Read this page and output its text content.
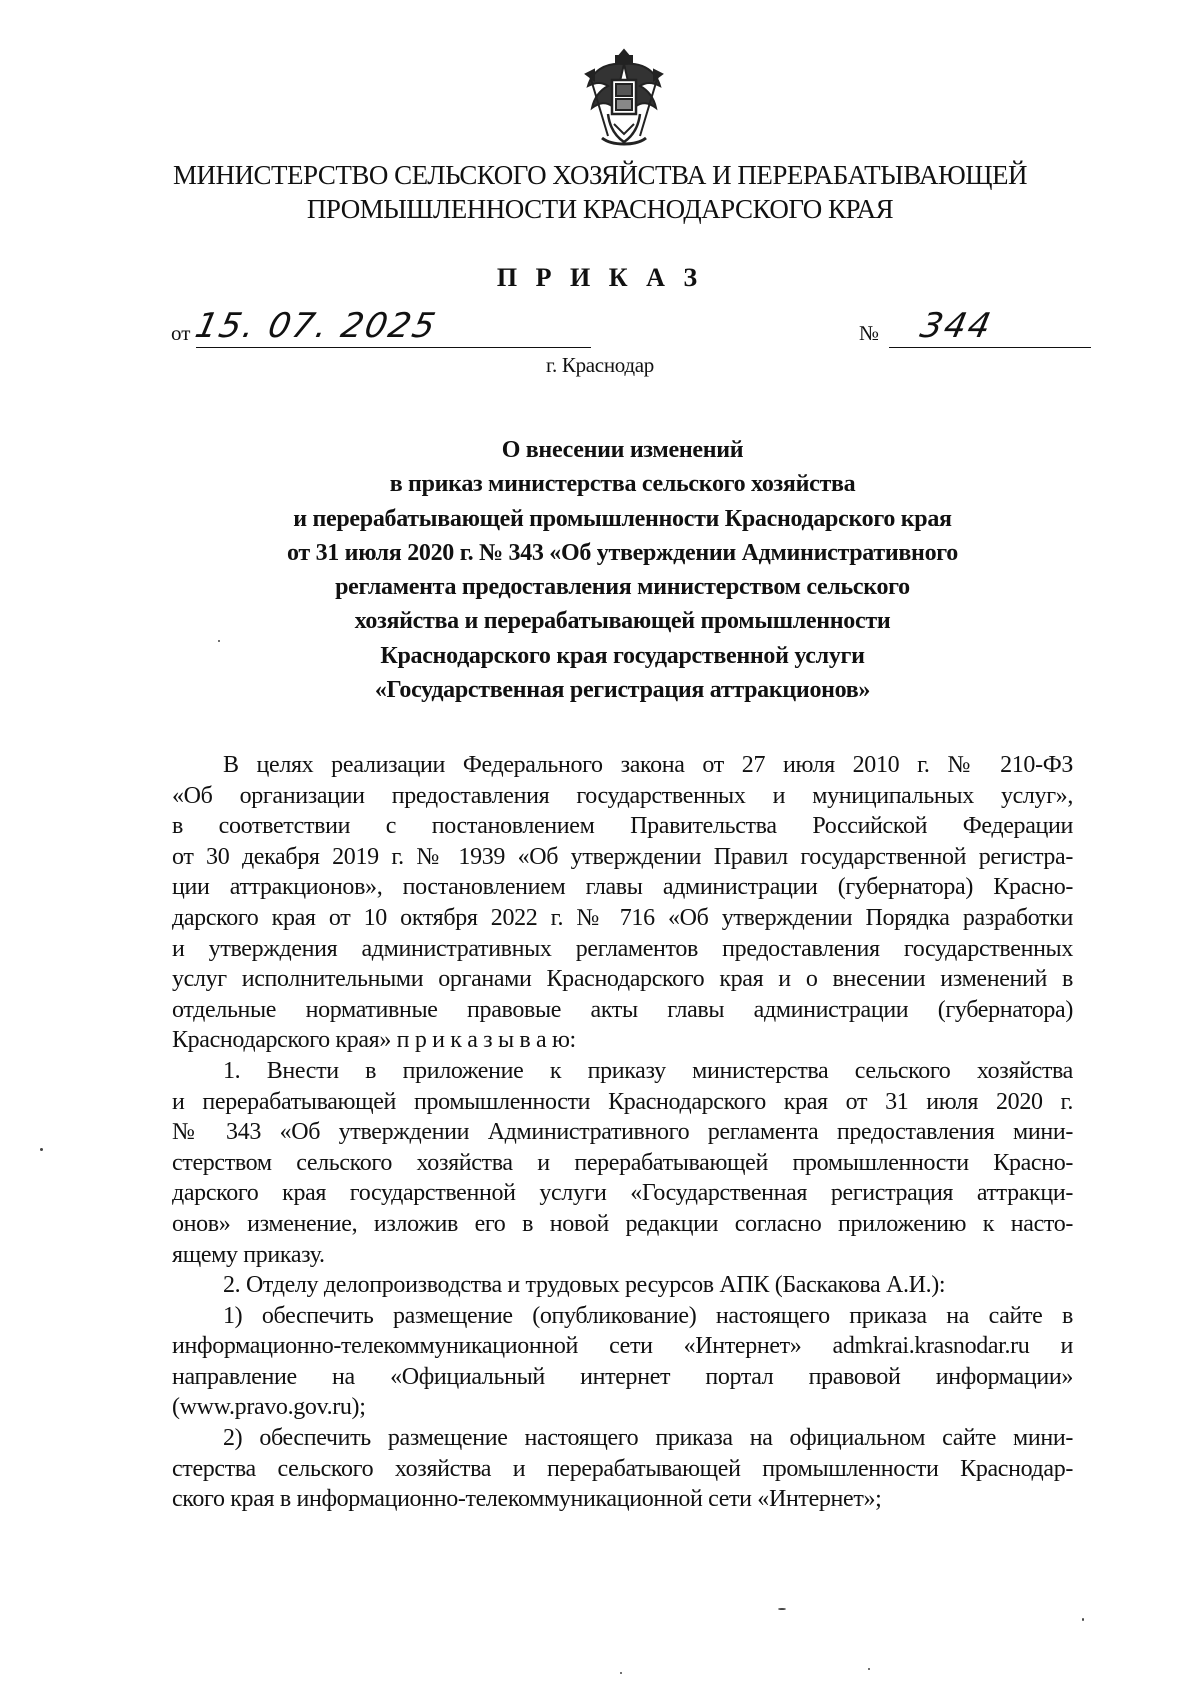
МИНИСТЕРСТВО СЕЛЬСКОГО ХОЗЯЙСТВА И ПЕРЕРАБАТЫВАЮЩЕЙ
ПРОМЫШЛЕННОСТИ КРАСНОДАРСКОГО КРАЯ
П Р И К А З
от 15. 07. 2025	№ 344
г. Краснодар
О внесении изменений
в приказ министерства сельского хозяйства
и перерабатывающей промышленности Краснодарского края
от 31 июля 2020 г. № 343 «Об утверждении Административного
регламента предоставления министерством сельского
хозяйства и перерабатывающей промышленности
Краснодарского края государственной услуги
«Государственная регистрация аттракционов»
В целях реализации Федерального закона от 27 июля 2010 г. № 210-ФЗ
«Об организации предоставления государственных и муниципальных услуг»,
в соответствии с постановлением Правительства Российской Федерации
от 30 декабря 2019 г. № 1939 «Об утверждении Правил государственной регистра-
ции аттракционов», постановлением главы администрации (губернатора) Красно-
дарского края от 10 октября 2022 г. № 716 «Об утверждении Порядка разработки
и утверждения административных регламентов предоставления государственных
услуг исполнительными органами Краснодарского края и о внесении изменений в
отдельные нормативные правовые акты главы администрации (губернатора)
Краснодарского края» п р и к а з ы в а ю:
1. Внести в приложение к приказу министерства сельского хозяйства
и перерабатывающей промышленности Краснодарского края от 31 июля 2020 г.
№ 343 «Об утверждении Административного регламента предоставления мини-
стерством сельского хозяйства и перерабатывающей промышленности Красно-
дарского края государственной услуги «Государственная регистрация аттракци-
онов» изменение, изложив его в новой редакции согласно приложению к насто-
ящему приказу.
2. Отделу делопроизводства и трудовых ресурсов АПК (Баскакова А.И.):
1) обеспечить размещение (опубликование) настоящего приказа на сайте в
информационно-телекоммуникационной сети «Интернет» admkrai.krasnodar.ru и
направление на «Официальный интернет портал правовой информации»
(www.pravo.gov.ru);
2) обеспечить размещение настоящего приказа на официальном сайте мини-
стерства сельского хозяйства и перерабатывающей промышленности Краснодар-
ского края в информационно-телекоммуникационной сети «Интернет»;
